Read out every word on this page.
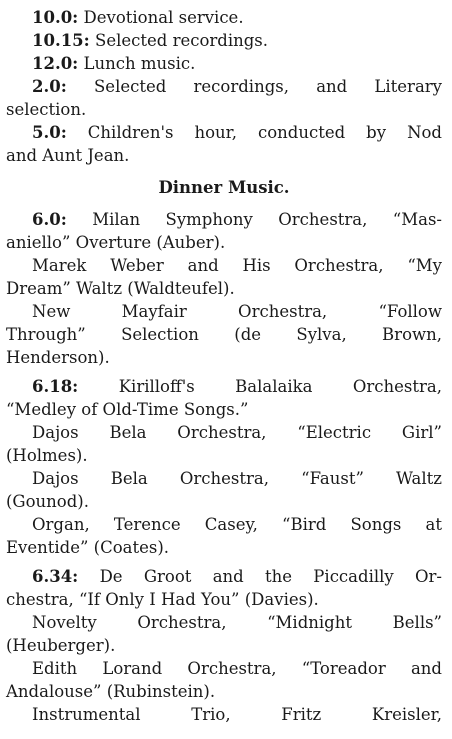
10.0: Devotional service.
10.15: Selected recordings.
12.0: Lunch music.
2.0: Selected recordings, and Literary
selection.
5.0: Children's hour, conducted by Nod
and Aunt Jean.
Dinner Music.
6.0: Milan Symphony Orchestra, “Mas-
aniello” Overture (Auber).
Marek Weber and His Orchestra, “My
Dream” Waltz (Waldteufel).
New Mayfair Orchestra, “Follow
Through” Selection (de Sylva, Brown,
Henderson).
6.18: Kirilloff's Balalaika Orchestra,
“Medley of Old-Time Songs.”
Dajos Bela Orchestra, “Electric Girl”
(Holmes).
Dajos Bela Orchestra, “Faust” Waltz
(Gounod).
Organ, Terence Casey, “Bird Songs at
Eventide” (Coates).
6.34: De Groot and the Piccadilly Or-
chestra, “If Only I Had You” (Davies).
Novelty Orchestra, “Midnight Bells”
(Heuberger).
Edith Lorand Orchestra, “Toreador and
Andalouse” (Rubinstein).
Instrumental Trio, Fritz Kreisler,
